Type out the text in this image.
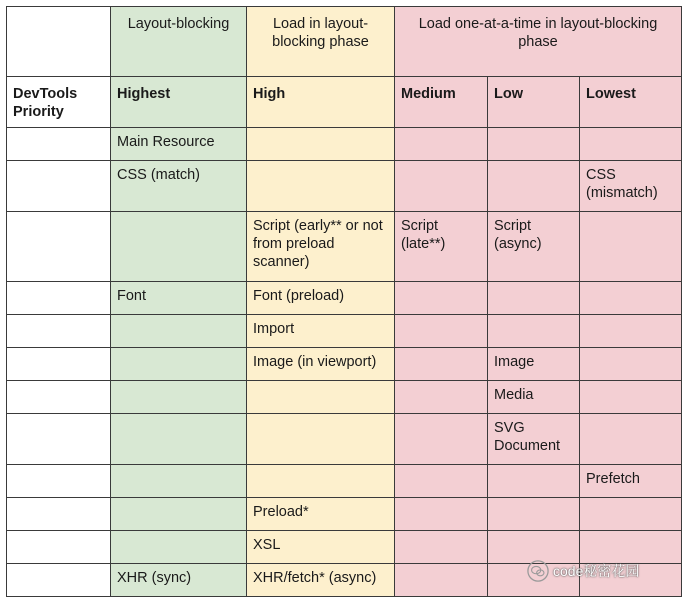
	Layout-blocking	Load in layout-blocking phase	Load one-at-a-time in layout-blocking phase		
DevTools Priority	Highest	High	Medium	Low	Lowest
	Main Resource				
	CSS (match)				CSS (mismatch)
		Script (early** or not from preload scanner)	Script (late**)	Script (async)	
	Font	Font (preload)			
		Import			
		Image (in viewport)		Image	
				Media	
				SVG Document	
					Prefetch
		Preload*			
		XSL			
	XHR (sync)	XHR/fetch* (async)				code秘密花园
